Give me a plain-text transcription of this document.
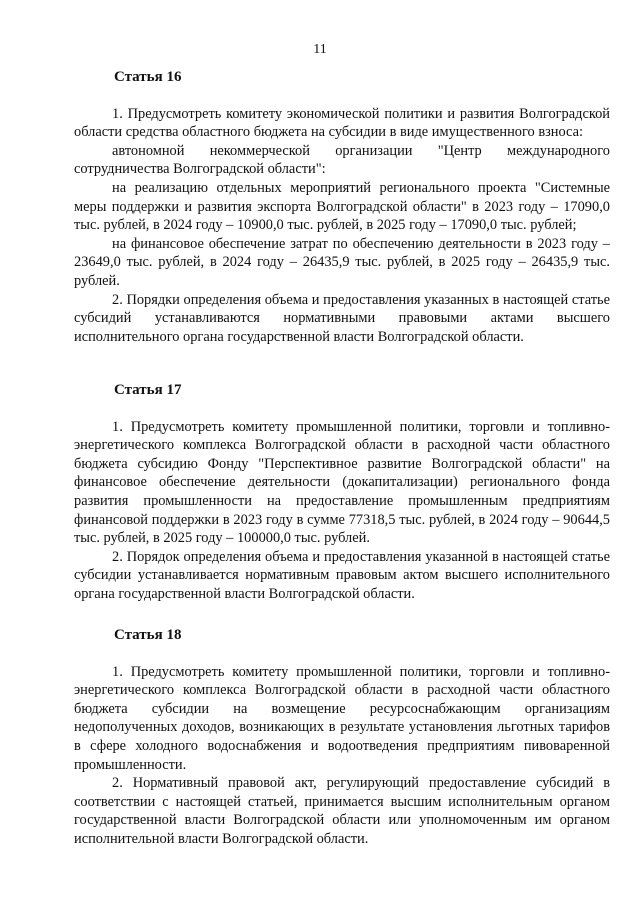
11
Статья 16

1. Предусмотреть комитету экономической политики и развития Волгоградской области средства областного бюджета на субсидии в виде имущественного взноса:

автономной некоммерческой организации "Центр международного сотрудничества Волгоградской области":

на реализацию отдельных мероприятий регионального проекта "Системные меры поддержки и развития экспорта Волгоградской области" в 2023 году – 17090,0 тыс. рублей, в 2024 году – 10900,0 тыс. рублей, в 2025 году – 17090,0 тыс. рублей;

на финансовое обеспечение затрат по обеспечению деятельности в 2023 году – 23649,0 тыс. рублей, в 2024 году – 26435,9 тыс. рублей, в 2025 году – 26435,9 тыс. рублей.

2. Порядки определения объема и предоставления указанных в настоящей статье субсидий устанавливаются нормативными правовыми актами высшего исполнительного органа государственной власти Волгоградской области.

Статья 17

1. Предусмотреть комитету промышленной политики, торговли и топливно-энергетического комплекса Волгоградской области в расходной части областного бюджета субсидию Фонду "Перспективное развитие Волгоградской области" на финансовое обеспечение деятельности (докапитализации) регионального фонда развития промышленности на предоставление промышленным предприятиям финансовой поддержки в 2023 году в сумме 77318,5 тыс. рублей, в 2024 году – 90644,5 тыс. рублей, в 2025 году – 100000,0 тыс. рублей.

2. Порядок определения объема и предоставления указанной в настоящей статье субсидии устанавливается нормативным правовым актом высшего исполнительного органа государственной власти Волгоградской области.

Статья 18

1. Предусмотреть комитету промышленной политики, торговли и топливно-энергетического комплекса Волгоградской области в расходной части областного бюджета субсидии на возмещение ресурсоснабжающим организациям недополученных доходов, возникающих в результате установления льготных тарифов в сфере холодного водоснабжения и водоотведения предприятиям пивоваренной промышленности.

2. Нормативный правовой акт, регулирующий предоставление субсидий в соответствии с настоящей статьей, принимается высшим исполнительным органом государственной власти Волгоградской области или уполномоченным им органом исполнительной власти Волгоградской области.
